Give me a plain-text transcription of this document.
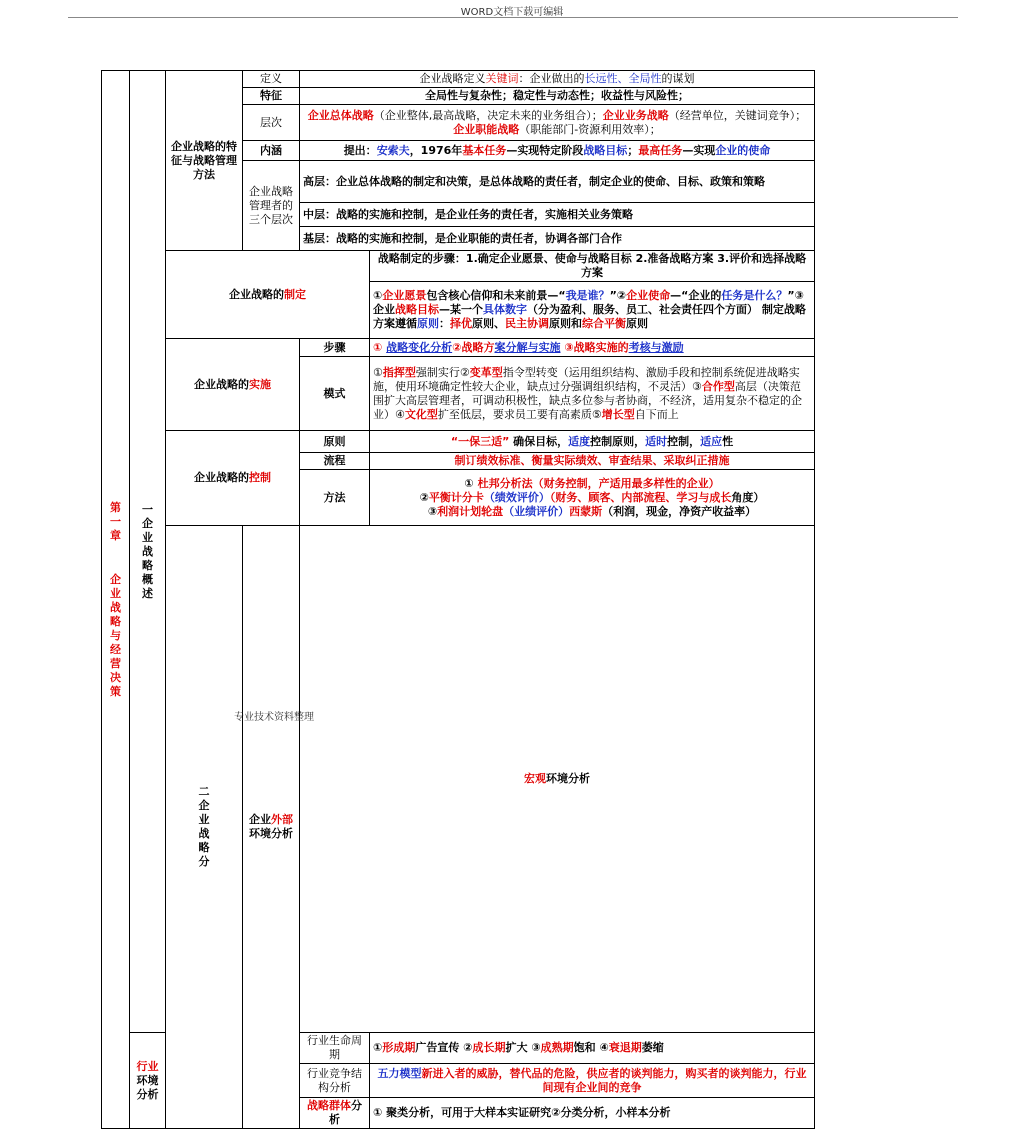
WORD文档下载可编辑
第一章
企业战略与经营决策	一企业战略概述	企业战略的特征与战略管理方法	定义	企业战略定义关键词：企业做出的长远性、全局性的谋划		
			特征	全局性与复杂性；稳定性与动态性；收益性与风险性；		
			层次	企业总体战略（企业整体,最高战略，决定未来的业务组合）；企业业务战略（经营单位，关键词竞争）；企业职能战略（职能部门-资源利用效率）；		
			内涵	提出：安索夫，1976年基本任务—实现特定阶段战略目标；最高任务—实现企业的使命		
			企业战略管理者的三个层次	高层：企业总体战略的制定和决策，是总体战略的责任者，制定企业的使命、目标、政策和策略		
				中层：战略的实施和控制，是企业任务的责任者，实施相关业务策略		
				基层：战略的实施和控制，是企业职能的责任者，协调各部门合作		
		企业战略的制定			战略制定的步骤：1.确定企业愿景、使命与战略目标 2.准备战略方案 3.评价和选择战略方案	
					①企业愿景包含核心信仰和未来前景—“我是谁？”②企业使命—“企业的任务是什么？”③企业战略目标—某一个具体数字（分为盈利、服务、员工、社会责任四个方面） 制定战略方案遵循原则：择优原则、民主协调原则和综合平衡原则	
		企业战略的实施		步骤	① 战略变化分析②战略方案分解与实施 ③战略实施的考核与激励	
				模式	①指挥型强制实行②变革型指令型转变（运用组织结构、激励手段和控制系统促进战略实施，使用环境确定性较大企业，缺点过分强调组织结构，不灵活）③合作型高层（决策范围扩大高层管理者，可调动积极性，缺点多位参与者协商，不经济，适用复杂不稳定的企业）④文化型扩至低层，要求员工要有高素质⑤增长型自下而上	
		企业战略的控制		原则	“一保三适” 确保目标，适度控制原则，适时控制，适应性	
				流程	制订绩效标准、衡量实际绩效、审查结果、采取纠正措施	
				方法	① 杜邦分析法（财务控制，产适用最多样性的企业）
②平衡计分卡（绩效评价）（财务、顾客、内部流程、学习与成长角度）
③利润计划轮盘（业绩评价）西蒙斯（利润，现金，净资产收益率）	

		二企业战略分	企业外部环境分析	宏观环境分析	
	行业环境分析			行业生命周期	①形成期广告宣传 ②成长期扩大 ③成熟期饱和 ④衰退期萎缩	
				行业竞争结构分析	五力模型新进入者的威胁，替代品的危险，供应者的谈判能力，购买者的谈判能力，行业间现有企业间的竞争	
				战略群体分析	① 聚类分析，可用于大样本实证研究②分类分析，小样本分析	
专业技术资料整理
